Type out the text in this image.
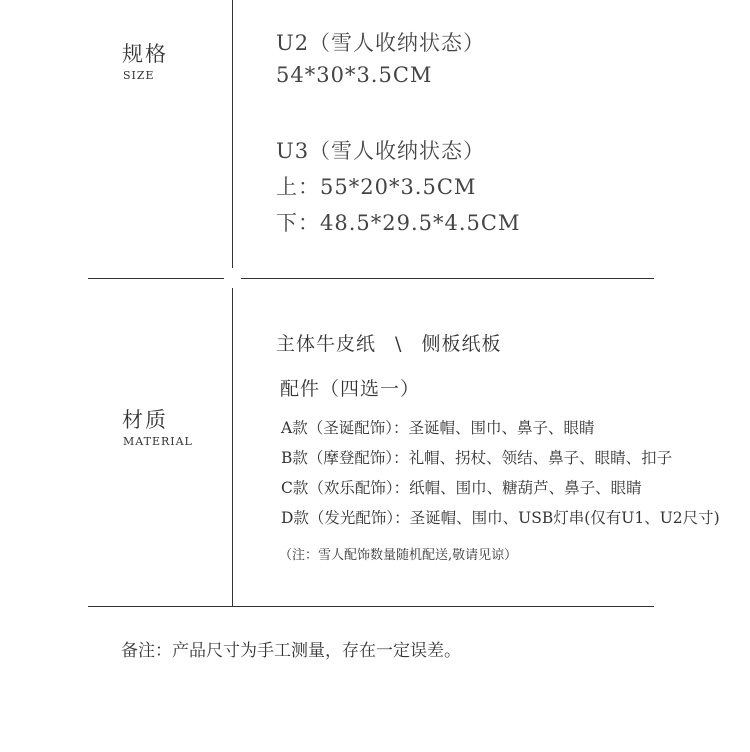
规格
SIZE
U2（雪人收纳状态）
54*30*3.5CM
U3（雪人收纳状态）
上：55*20*3.5CM
下：48.5*29.5*4.5CM
材质
MATERIAL
主体牛皮纸 \ 侧板纸板
配件（四选一）
A款（圣诞配饰）：圣诞帽、围巾、鼻子、眼睛
B款（摩登配饰）：礼帽、拐杖、领结、鼻子、眼睛、扣子
C款（欢乐配饰）：纸帽、围巾、糖葫芦、鼻子、眼睛
D款（发光配饰）：圣诞帽、围巾、USB灯串(仅有U1、U2尺寸)
（注：雪人配饰数量随机配送,敬请见谅）
备注：产品尺寸为手工测量，存在一定误差。
